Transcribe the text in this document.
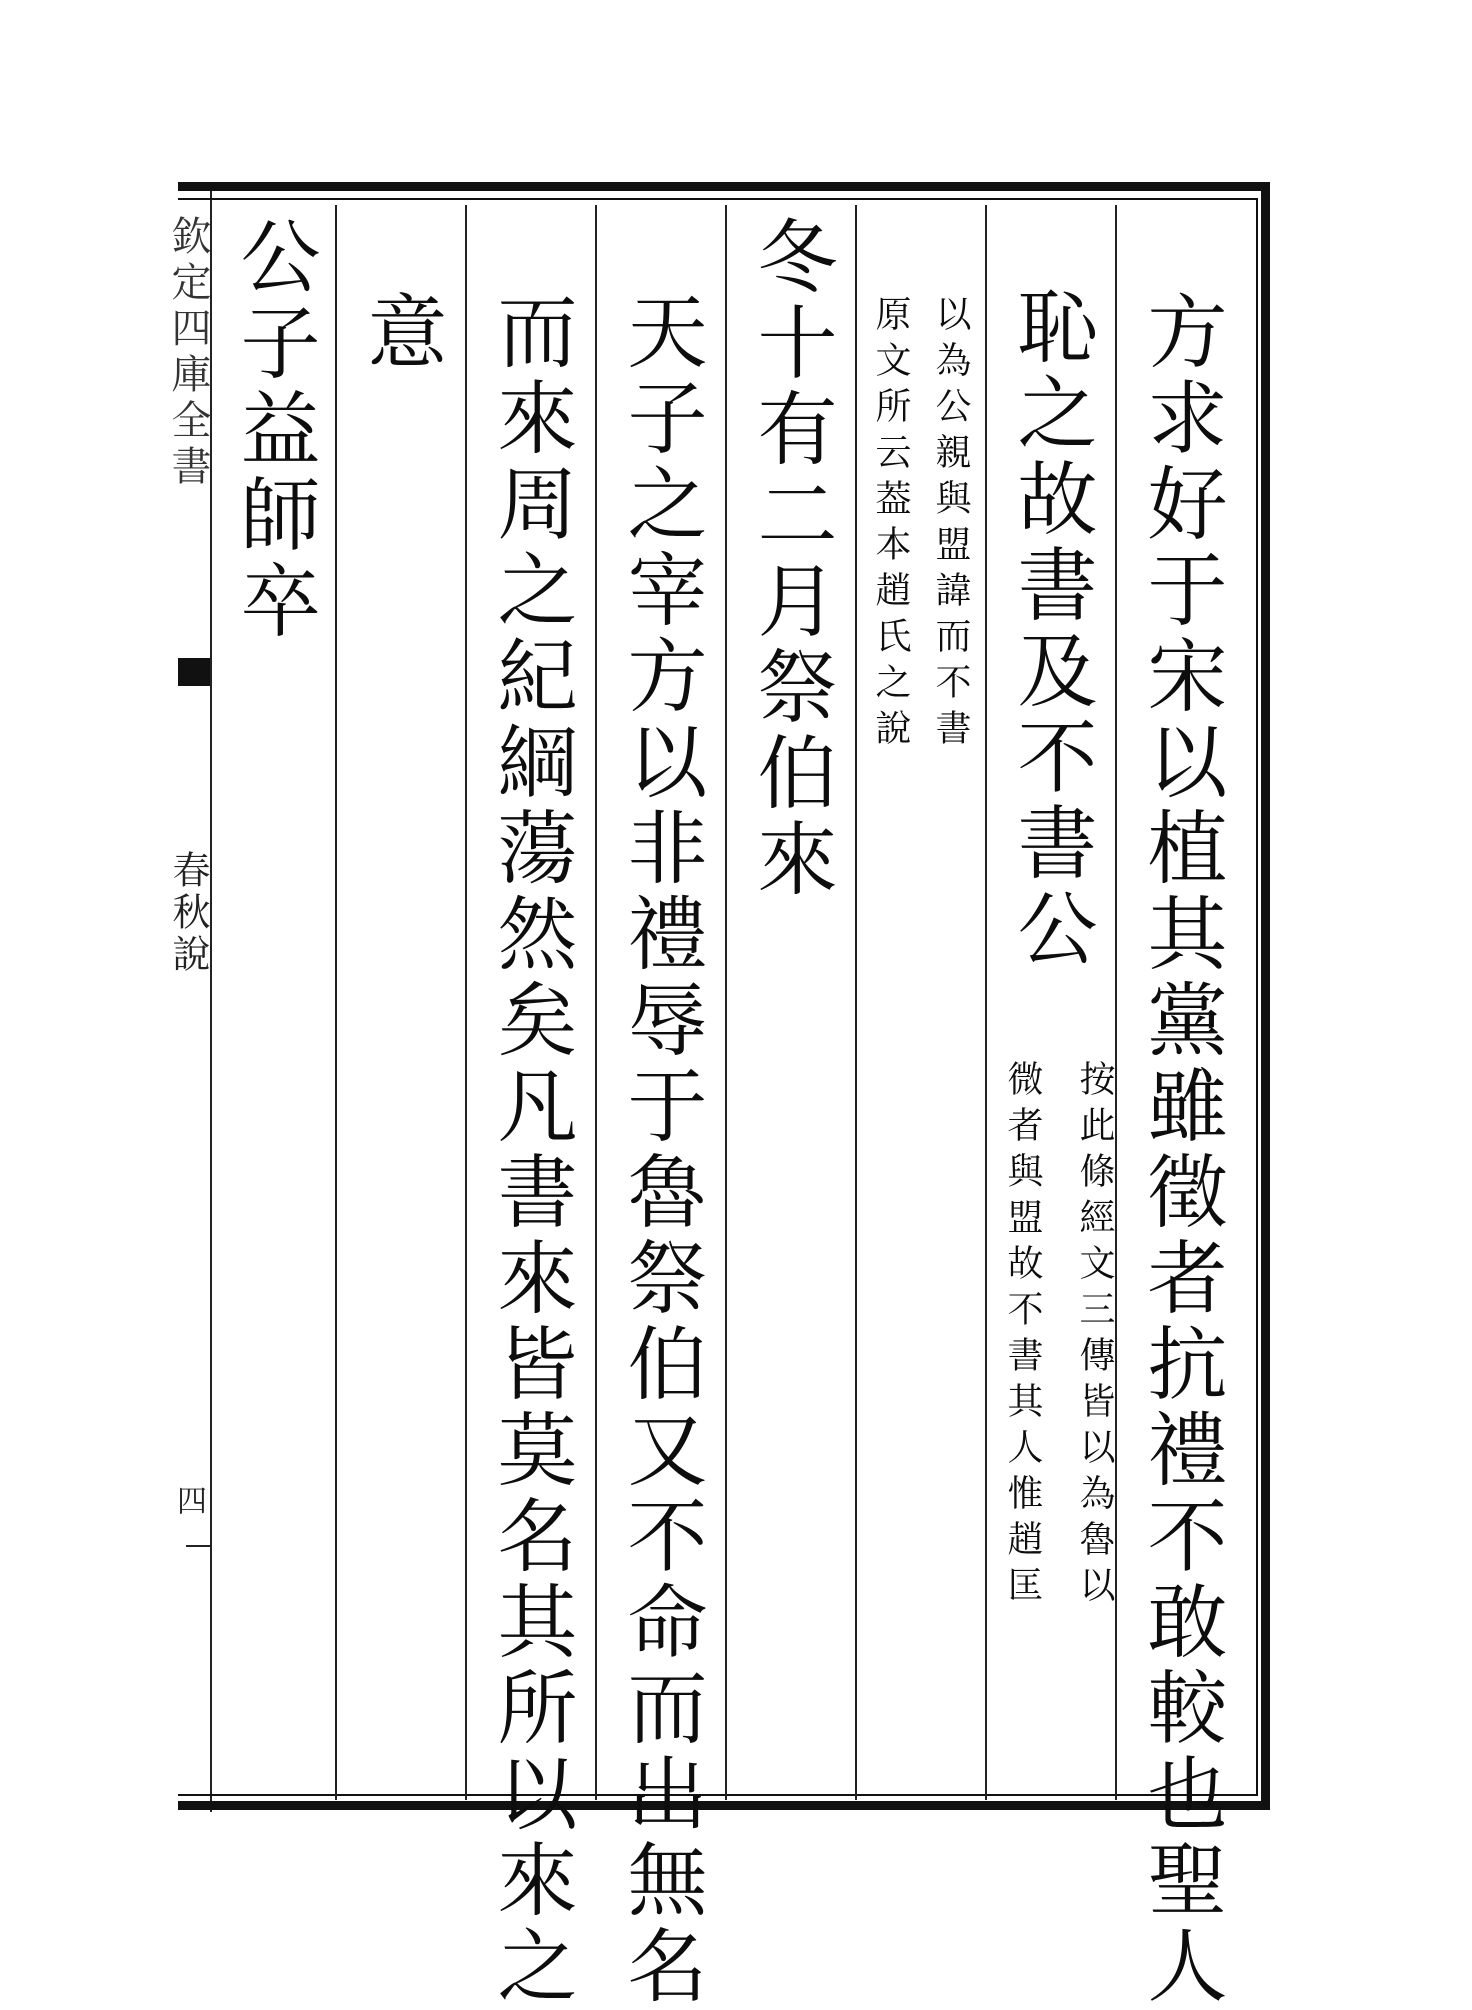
欽定四庫全書
春秋說
四	方求好于宋以植其黨雖徵者抗禮不敢較也聖人
恥之故書及不書公
按此條經文三傳皆以為魯以
微者與盟故不書其人惟趙匡
以為公親與盟諱而不書
原文所云葢本趙氏之說
冬十有二月祭伯來
天子之宰方以非禮辱于魯祭伯又不命而出無名
而來周之紀綱蕩然矣凡書來皆莫名其所以來之
意
公子益師卒
